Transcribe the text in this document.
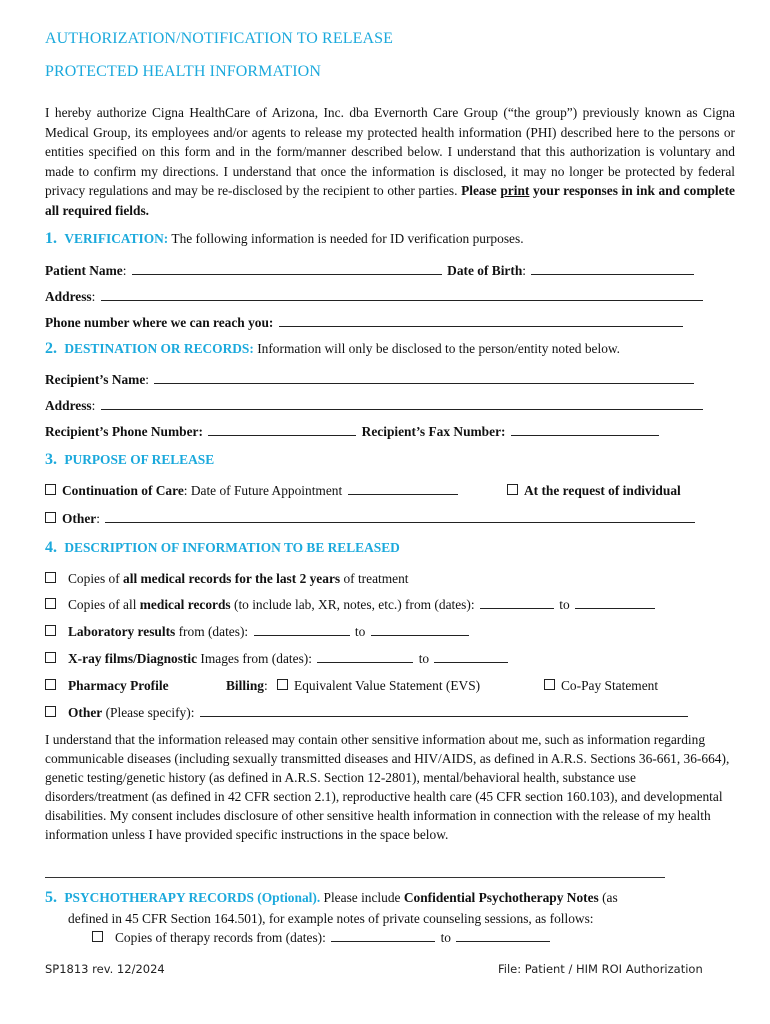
AUTHORIZATION/NOTIFICATION TO RELEASE
PROTECTED HEALTH INFORMATION
I hereby authorize Cigna HealthCare of Arizona, Inc. dba Evernorth Care Group (“the group”) previously known as Cigna Medical Group, its employees and/or agents to release my protected health information (PHI) described here to the persons or entities specified on this form and in the form/manner described below. I understand that this authorization is voluntary and made to confirm my directions. I understand that once the information is disclosed, it may no longer be protected by federal privacy regulations and may be re-disclosed by the recipient to other parties. Please print your responses in ink and complete all required fields.
1. VERIFICATION: The following information is needed for ID verification purposes.
Patient Name:	Date of Birth:
Address:
Phone number where we can reach you:
2. DESTINATION OR RECORDS: Information will only be disclosed to the person/entity noted below.
Recipient’s Name:
Address:
Recipient’s Phone Number:	Recipient’s Fax Number:
3. PURPOSE OF RELEASE
Continuation of Care: Date of Future Appointment	At the request of individual
Other:
4. DESCRIPTION OF INFORMATION TO BE RELEASED
Copies of all medical records for the last 2 years of treatment
Copies of all medical records (to include lab, XR, notes, etc.) from (dates):	to
Laboratory results from (dates):	to
X-ray films/Diagnostic Images from (dates):	to
Pharmacy Profile	Billing: Equivalent Value Statement (EVS)	Co-Pay Statement
Other (Please specify):
I understand that the information released may contain other sensitive information about me, such as information regarding communicable diseases (including sexually transmitted diseases and HIV/AIDS, as defined in A.R.S. Sections 36-661, 36-664), genetic testing/genetic history (as defined in A.R.S. Section 12-2801), mental/behavioral health, substance use disorders/treatment (as defined in 42 CFR section 2.1), reproductive health care (45 CFR section 160.103), and developmental disabilities. My consent includes disclosure of other sensitive health information in connection with the release of my health information unless I have provided specific instructions in the space below.
5. PSYCHOTHERAPY RECORDS (Optional). Please include Confidential Psychotherapy Notes (as
defined in 45 CFR Section 164.501), for example notes of private counseling sessions, as follows:
Copies of therapy records from (dates):	to
SP1813 rev. 12/2024	File: Patient / HIM ROI Authorization
